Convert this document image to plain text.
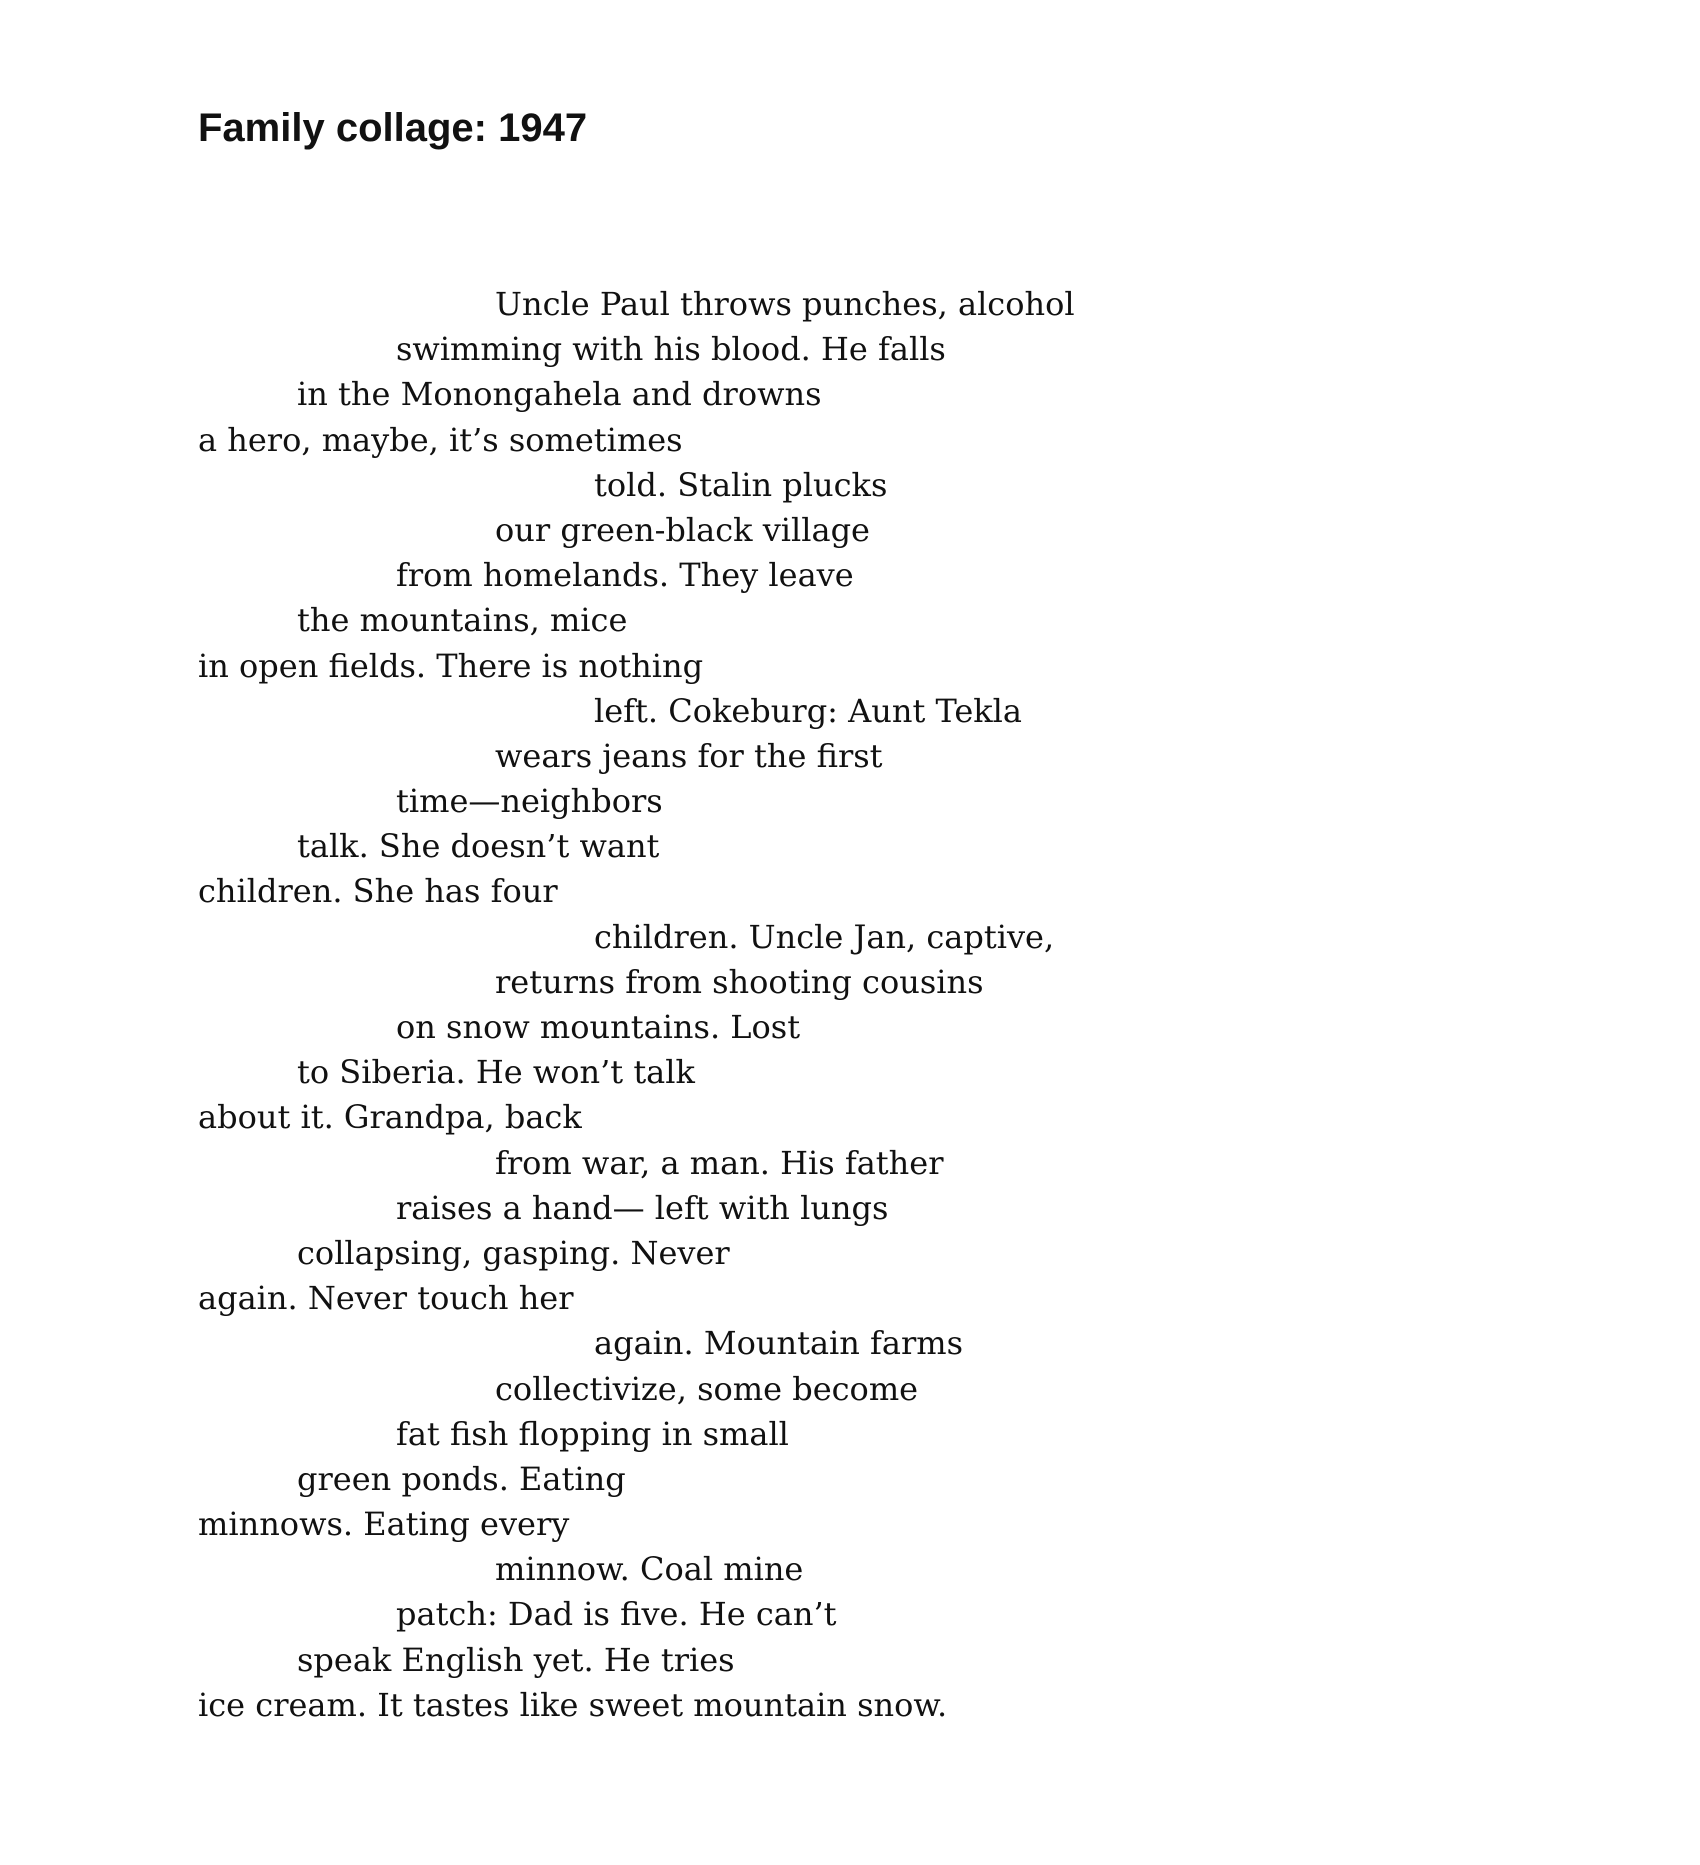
Family collage: 1947
Uncle Paul throws punches, alcohol
swimming with his blood. He falls
in the Monongahela and drowns
a hero, maybe, it’s sometimes
told. Stalin plucks
our green-black village
from homelands. They leave
the mountains, mice
in open fields. There is nothing
left. Cokeburg: Aunt Tekla
wears jeans for the first
time—neighbors
talk. She doesn’t want
children. She has four
children. Uncle Jan, captive,
returns from shooting cousins
on snow mountains. Lost
to Siberia. He won’t talk
about it. Grandpa, back
from war, a man. His father
raises a hand— left with lungs
collapsing, gasping. Never
again. Never touch her
again. Mountain farms
collectivize, some become
fat fish flopping in small
green ponds. Eating
minnows. Eating every
minnow. Coal mine
patch: Dad is five. He can’t
speak English yet. He tries
ice cream. It tastes like sweet mountain snow.
